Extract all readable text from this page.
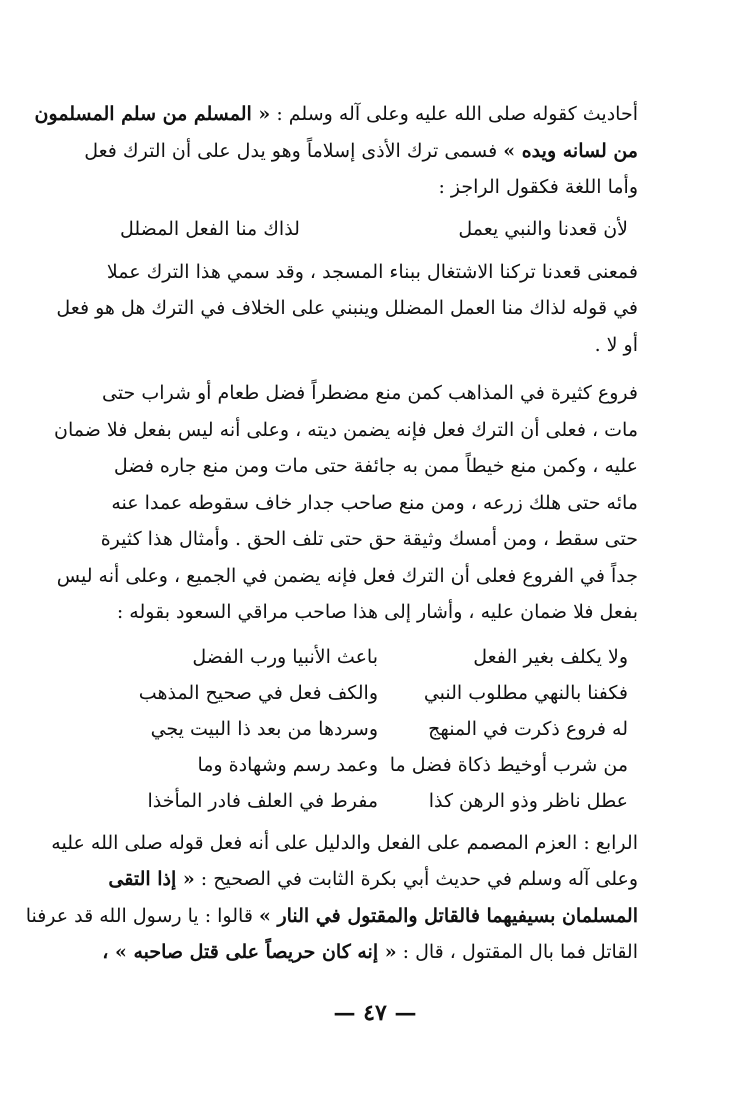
أحاديث كقوله صلى الله عليه وعلى آله وسلم : « المسلم من سلم المسلمون
من لسانه ويده » فسمى ترك الأذى إسلاماً وهو يدل على أن الترك فعل
وأما اللغة فكقول الراجز :
لأن قعدنا والنبي يعمل
لذاك منا الفعل المضلل
فمعنى قعدنا تركنا الاشتغال ببناء المسجد ، وقد سمي هذا الترك عملا
في قوله لذاك منا العمل المضلل وينبني على الخلاف في الترك هل هو فعل
أو لا .
فروع كثيرة في المذاهب كمن منع مضطراً فضل طعام أو شراب حتى
مات ، فعلى أن الترك فعل فإنه يضمن ديته ، وعلى أنه ليس بفعل فلا ضمان
عليه ، وكمن منع خيطاً ممن به جائفة حتى مات ومن منع جاره فضل
مائه حتى هلك زرعه ، ومن منع صاحب جدار خاف سقوطه عمدا عنه
حتى سقط ، ومن أمسك وثيقة حق حتى تلف الحق . وأمثال هذا كثيرة
جداً في الفروع فعلى أن الترك فعل فإنه يضمن في الجميع ، وعلى أنه ليس
بفعل فلا ضمان عليه ، وأشار إلى هذا صاحب مراقي السعود بقوله :
ولا يكلف بغير الفعل
باعث الأنبيا ورب الفضل
فكفنا بالنهي مطلوب النبي
والكف فعل في صحيح المذهب
له فروع ذكرت في المنهج
وسردها من بعد ذا البيت يجي
من شرب أوخيط ذكاة فضل ما
وعمد رسم وشهادة وما
عطل ناظر وذو الرهن كذا
مفرط في العلف فادر المأخذا
الرابع : العزم المصمم على الفعل والدليل على أنه فعل قوله صلى الله عليه
وعلى آله وسلم في حديث أبي بكرة الثابت في الصحيح : « إذا التقى
المسلمان بسيفيهما فالقاتل والمقتول في النار » قالوا : يا رسول الله قد عرفنا
القاتل فما بال المقتول ، قال : « إنه كان حريصاً على قتل صاحبه » ،
— ٤٧ —
